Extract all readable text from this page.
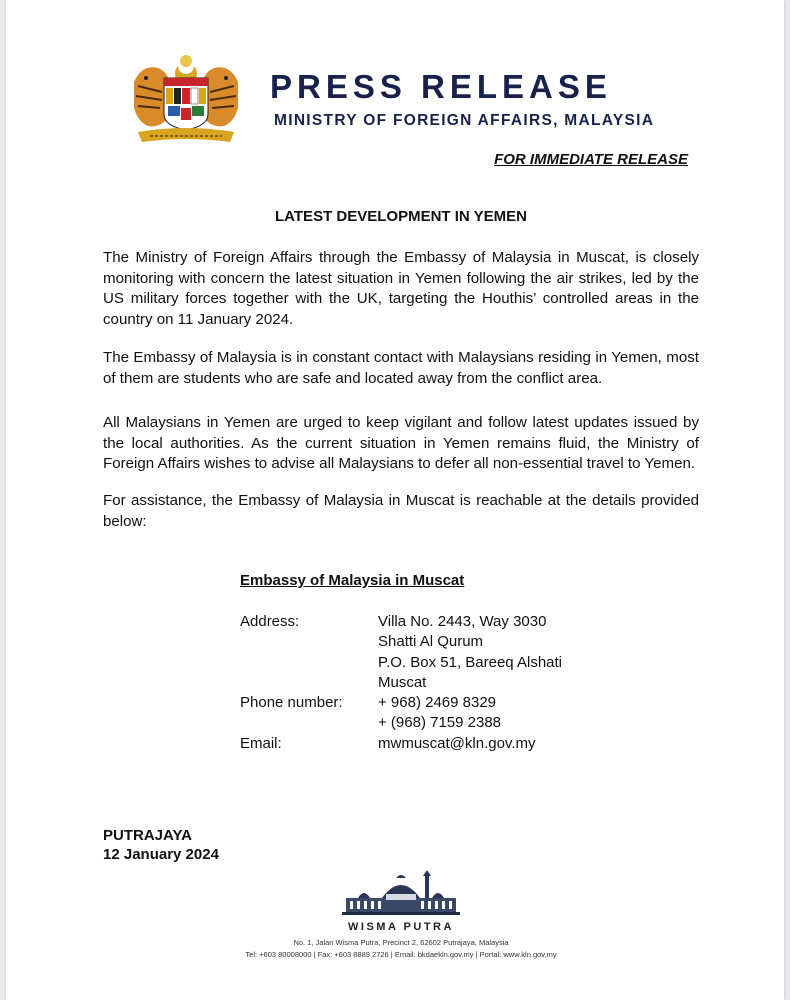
PRESS RELEASE
MINISTRY OF FOREIGN AFFAIRS, MALAYSIA
FOR IMMEDIATE RELEASE
LATEST DEVELOPMENT IN YEMEN
The Ministry of Foreign Affairs through the Embassy of Malaysia in Muscat, is closely monitoring with concern the latest situation in Yemen following the air strikes, led by the US military forces together with the UK, targeting the Houthis’ controlled areas in the country on 11 January 2024.
The Embassy of Malaysia is in constant contact with Malaysians residing in Yemen, most of them are students who are safe and located away from the conflict area.
All Malaysians in Yemen are urged to keep vigilant and follow latest updates issued by the local authorities. As the current situation in Yemen remains fluid, the Ministry of Foreign Affairs wishes to advise all Malaysians to defer all non-essential travel to Yemen.
For assistance, the Embassy of Malaysia in Muscat is reachable at the details provided below:
Embassy of Malaysia in Muscat
Address:	Villa No. 2443, Way 3030
Shatti Al Qurum
P.O. Box 51, Bareeq Alshati
Muscat
Phone number: + 968) 2469 8329
+ (968) 7159 2388
Email:	mwmuscat@kln.gov.my
PUTRAJAYA
12 January 2024
WISMA PUTRA
No. 1, Jalan Wisma Putra, Precinct 2, 62602 Putrajaya, Malaysia
Tel: +603 80008000 | Fax: +603 8889 2726 | Email: bkdaekln.gov.my | Portal: www.kln.gov.my
